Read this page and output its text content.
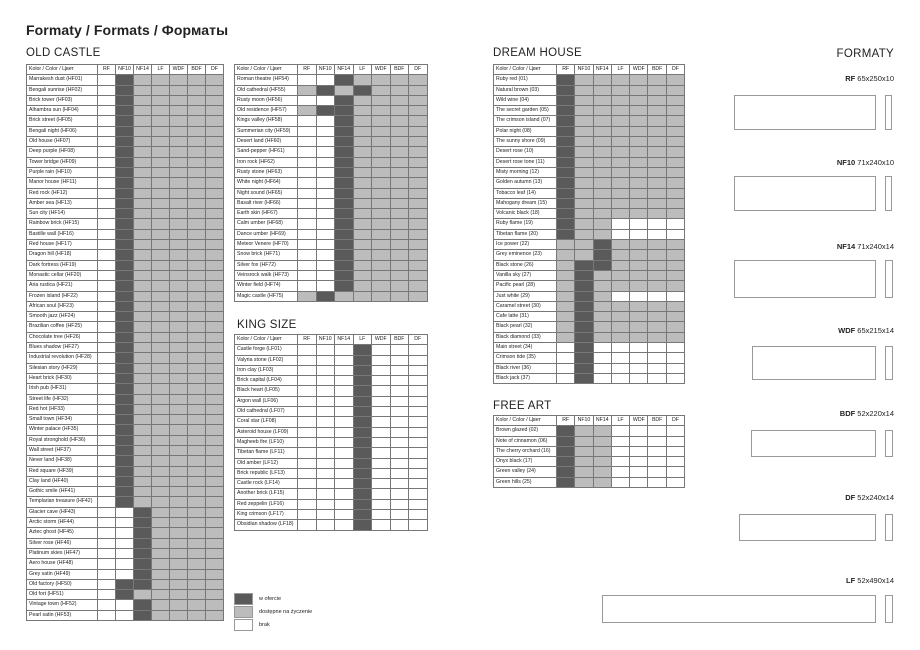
Formaty / Formats / Форматы
OLD CASTLE
KING SIZE
DREAM HOUSE
FREE ART
Kolor / Color / Цвет	RF	NF10	NF14	LF	WDF	BDF	DF
Marrakesh dust (HF01)							
Bengali sunrise (HF02)							
Brick tower (HF03)							
Alhambra sun (HF04)							
Brick street (HF05)							
Bengali night (HF06)							
Old house (HF07)							
Deep purple (HF08)							
Tower bridge (HF09)							
Purple rain (HF10)							
Manor house (HF11)							
Red rock (HF12)							
Amber sea (HF13)							
Sun city (HF14)							
Rainbow brick (HF15)							
Bastille wall (HF16)							
Red house (HF17)							
Dragon hill (HF18)							
Dark fortress (HF19)							
Monastic cellar (HF20)							
Aria rustica (HF21)							
Frozen island (HF22)							
African soul (HF23)							
Smooth jazz (HF24)							
Brazilian coffee (HF25)							
Chocolate tree (HF26)							
Blues shadow (HF27)							
Industrial revolution (HF28)							
Silesian story (HF29)							
Heart brick (HF30)							
Irish pub (HF31)							
Street life (HF32)							
Red hot (HF33)							
Small town (HF34)							
Winter palace (HF35)							
Royal stronghold (HF36)							
Wall street (HF37)							
Never land (HF38)							
Red square (HF39)							
Clay land (HF40)							
Gothic smile (HF41)							
Templarian treasure (HF42)							
Glacier cave (HF43)							
Arctic storm (HF44)							
Aztec ghost (HF45)							
Silver rose (HF46)							
Platinum skies (HF47)							
Aero house (HF48)							
Grey satin (HF49)							
Old factory (HF50)							
Old fort (HF51)							
Vintage town (HF52)							
Pearl satin (HF53)							
Kolor / Color / Цвет	RF	NF10	NF14	LF	WDF	BDF	DF
Roman theatre (HF54)							
Old cathedral (HF55)							
Rusty moon (HF56)							
Old residence (HF57)							
Kings valley (HF58)							
Summerian city (HF59)							
Desert land (HF60)							
Sand-pepper (HF61)							
Iron rock (HF62)							
Rusty stone (HF63)							
White night (HF64)							
Night sound (HF65)							
Basalt river (HF66)							
Earth skin (HF67)							
Calm umber (HF68)							
Dance umber (HF69)							
Meteor Venere (HF70)							
Snow brick (HF71)							
Silver fox (HF72)							
Veinsrock walk (HF73)							
Winter field (HF74)							
Magic castle (HF75)							
Kolor / Color / Цвет	RF	NF10	NF14	LF	WDF	BDF	DF
Castle forge (LF01)							
Valyria stone (LF02)							
Iron clay (LF03)							
Brick capital (LF04)							
Black heart (LF05)							
Argon wall (LF06)							
Old cathedral (LF07)							
Coral star (LF08)							
Asteroid house (LF09)							
Magheeb fire (LF10)							
Tibetan flame (LF11)							
Old amber (LF12)							
Brick republic (LF13)							
Castle rock (LF14)							
Another brick (LF15)							
Red zeppelin (LF16)							
King crimson (LF17)							
Obsidian shadow (LF18)							
Kolor / Color / Цвет	RF	NF10	NF14	LF	WDF	BDF	DF
Ruby red (01)							
Natural brown (03)							
Wild wine (04)							
The secret garden (05)							
The crimson island (07)							
Polar night (08)							
The sunny shore (09)							
Desert rose (10)							
Desert rose tone (11)							
Misty morning (12)							
Golden autumn (13)							
Tobacco leaf (14)							
Mahogany dream (15)							
Volcanic black (18)							
Ruby flame (19)							
Tibetan flame (20)							
Ice power (22)							
Grey eminence (23)							
Black stone (26)							
Vanilla sky (27)							
Pacific pearl (28)							
Just white (29)							
Caramel street (30)							
Cafe latte (31)							
Black pearl (32)							
Black diamond (33)							
Main street (34)							
Crimson tide (35)							
Black river (36)							
Black jack (37)							
Kolor / Color / Цвет	RF	NF10	NF14	LF	WDF	BDF	DF
Brown glazed (02)							
Note of cinnamon (06)							
The cherry orchard (16)							
Onyx black (17)							
Green valley (24)							
Green hills (25)							
w ofercie
dostępne na życzenie
brak
FORMATY
RF 65x250x10
NF10 71x240x10
NF14 71x240x14
WDF 65x215x14
BDF 52x220x14
DF 52x240x14
LF 52x490x14
